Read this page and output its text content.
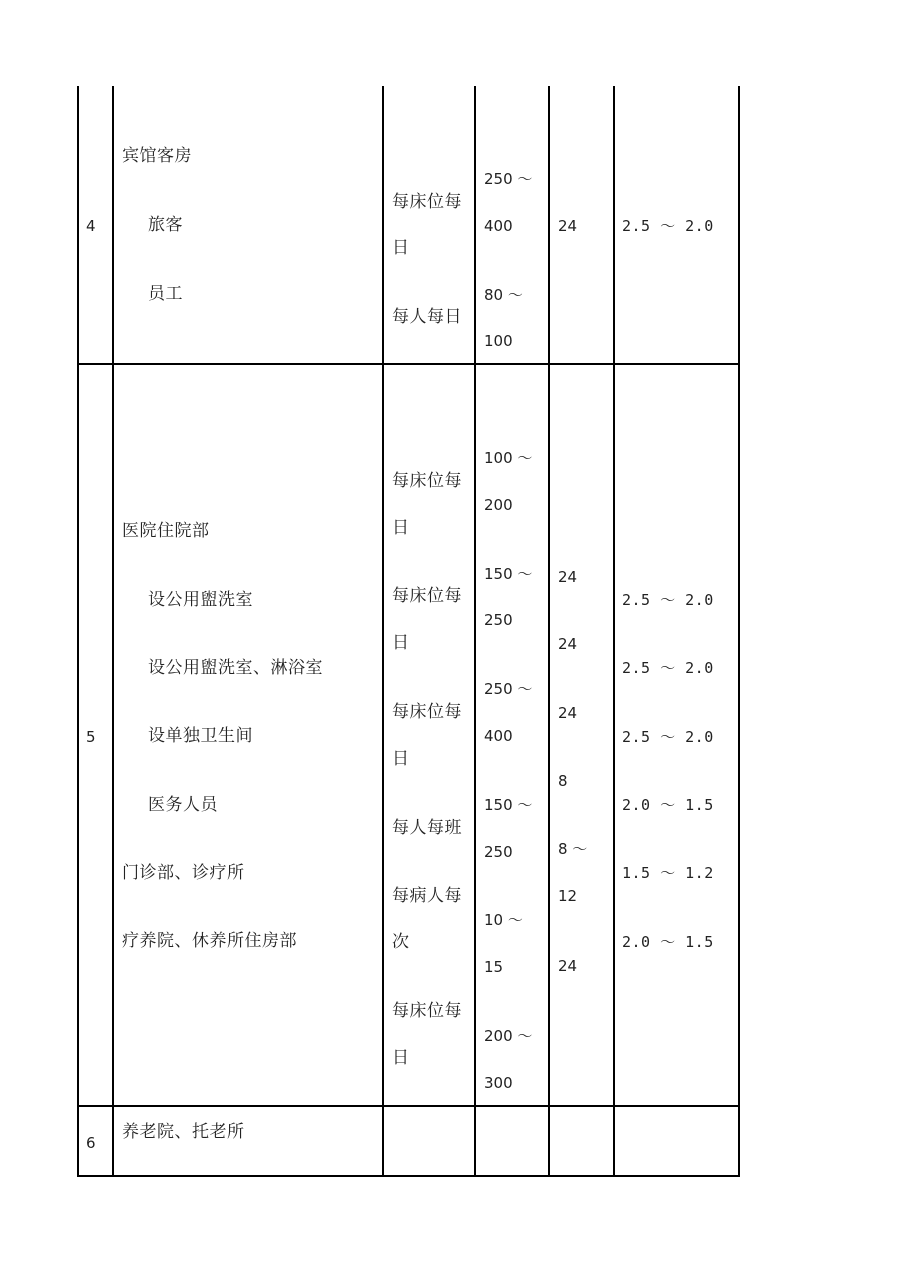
4
宾馆客房
旅客
员工
每床位每
日
每人每日
250 ～
400
80 ～
100
24	2.5 ～ 2.0
5
医院住院部
设公用盥洗室
设公用盥洗室、淋浴室
设单独卫生间
医务人员
门诊部、诊疗所
疗养院、休养所住房部
每床位每
日
每床位每
日
每床位每
日
每人每班
每病人每
次
每床位每
日
100 ～
200
150 ～
250
250 ～
400
150 ～
250
10 ～
15
200 ～
300
24
24
24
8
8 ～
12
24
2.5 ～ 2.0
2.5 ～ 2.0
2.5 ～ 2.0
2.0 ～ 1.5
1.5 ～ 1.2
2.0 ～ 1.5
6
养老院、托老所
